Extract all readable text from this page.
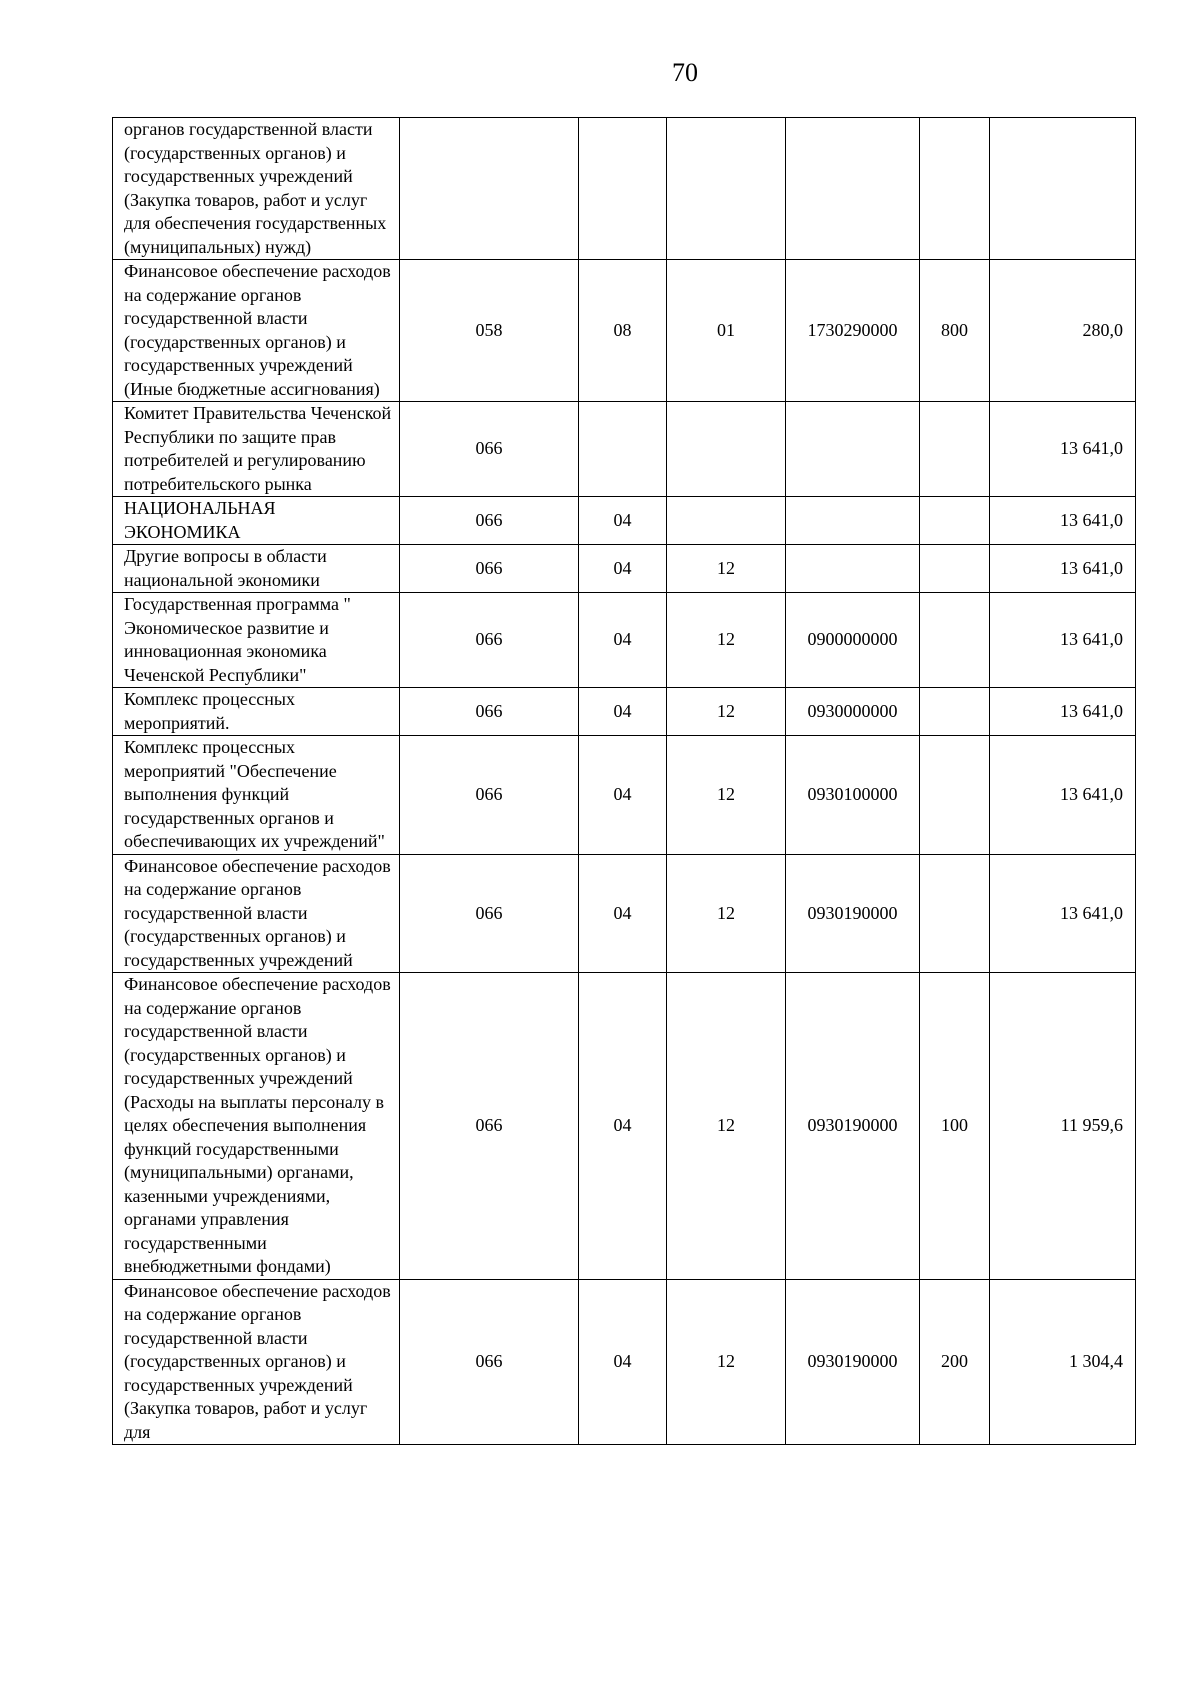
70
органов государственной власти (государственных органов) и государственных учреждений (Закупка товаров, работ и услуг для обеспечения государственных (муниципальных) нужд)						
Финансовое обеспечение расходов на содержание органов государственной власти (государственных органов) и государственных учреждений (Иные бюджетные ассигнования)	058	08	01	1730290000	800	280,0
Комитет Правительства Чеченской Республики по защите прав потребителей и регулированию потребительского рынка	066					13 641,0
НАЦИОНАЛЬНАЯ ЭКОНОМИКА	066	04				13 641,0
Другие вопросы в области национальной экономики	066	04	12			13 641,0
Государственная программа " Экономическое развитие и инновационная экономика Чеченской Республики"	066	04	12	0900000000		13 641,0
Комплекс процессных мероприятий.	066	04	12	0930000000		13 641,0
Комплекс процессных мероприятий "Обеспечение выполнения функций государственных органов и обеспечивающих их учреждений"	066	04	12	0930100000		13 641,0
Финансовое обеспечение расходов на содержание органов государственной власти (государственных органов) и государственных учреждений	066	04	12	0930190000		13 641,0
Финансовое обеспечение расходов на содержание органов государственной власти (государственных органов) и государственных учреждений (Расходы на выплаты персоналу в целях обеспечения выполнения функций государственными (муниципальными) органами, казенными учреждениями, органами управления государственными внебюджетными фондами)	066	04	12	0930190000	100	11 959,6
Финансовое обеспечение расходов на содержание органов государственной власти (государственных органов) и государственных учреждений (Закупка товаров, работ и услуг для	066	04	12	0930190000	200	1 304,4
